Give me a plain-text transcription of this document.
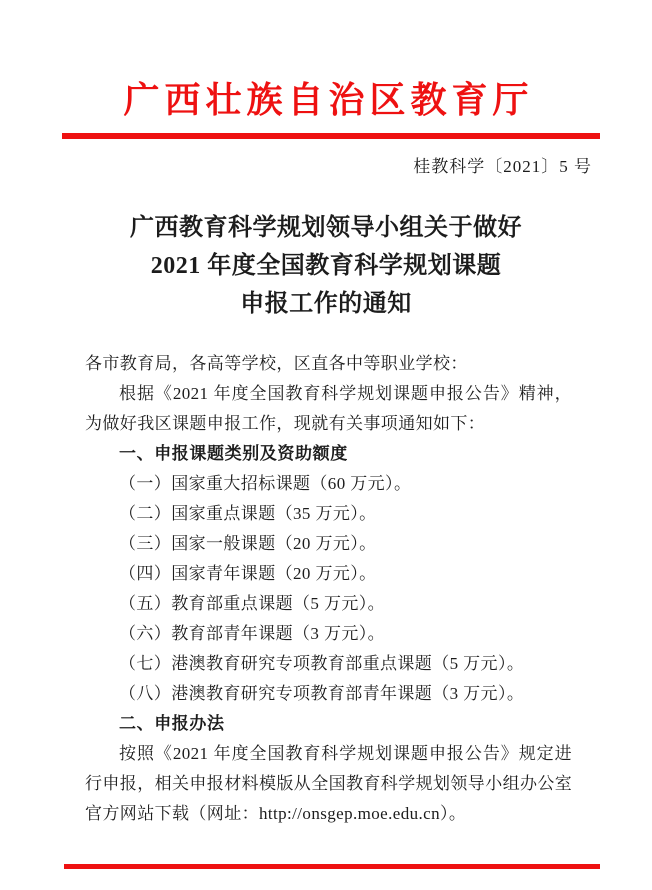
广西壮族自治区教育厅
桂教科学〔2021〕5 号
广西教育科学规划领导小组关于做好
2021 年度全国教育科学规划课题
申报工作的通知
各市教育局，各高等学校，区直各中等职业学校：
根据《2021 年度全国教育科学规划课题申报公告》精神，
为做好我区课题申报工作，现就有关事项通知如下：
一、申报课题类别及资助额度
（一）国家重大招标课题（60 万元）。
（二）国家重点课题（35 万元）。
（三）国家一般课题（20 万元）。
（四）国家青年课题（20 万元）。
（五）教育部重点课题（5 万元）。
（六）教育部青年课题（3 万元）。
（七）港澳教育研究专项教育部重点课题（5 万元）。
（八）港澳教育研究专项教育部青年课题（3 万元）。
二、申报办法
按照《2021 年度全国教育科学规划课题申报公告》规定进
行申报，相关申报材料模版从全国教育科学规划领导小组办公室
官方网站下载（网址：http://onsgep.moe.edu.cn）。
